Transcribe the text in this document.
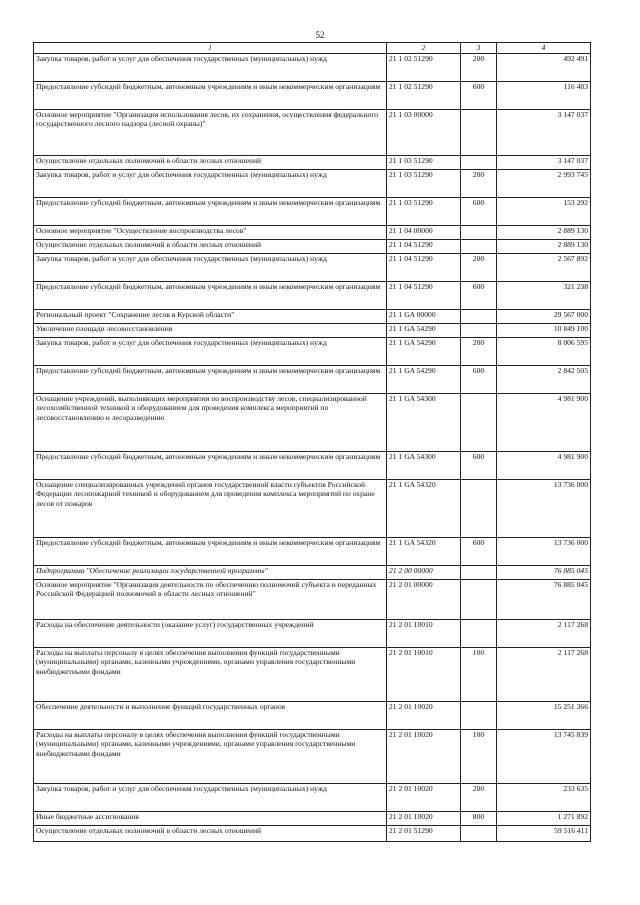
52
1	2	3	4
Закупка товаров, работ и услуг для обеспечения государственных (муниципальных) нужд	21 1 02 51290	200	492 491
Предоставление субсидий бюджетным, автономным учреждениям и иным некоммерческим организациям	21 1 02 51290	600	116 483
Основное мероприятие "Организация использования лесов, их сохранения, осуществления федерального государственного лесного надзора (лесной охраны)"	21 1 03 00000		3 147 037
Осуществление отдельных полномочий в области лесных отношений	21 1 03 51290		3 147 037
Закупка товаров, работ и услуг для обеспечения государственных (муниципальных) нужд	21 1 03 51290	200	2 993 745
Предоставление субсидий бюджетным, автономным учреждениям и иным некоммерческим организациям	21 1 03 51290	600	153 292
Основное мероприятие "Осуществление воспроизводства лесов"	21 1 04 00000		2 889 130
Осуществление отдельных полномочий в области лесных отношений	21 1 04 51290		2 889 130
Закупка товаров, работ и услуг для обеспечения государственных (муниципальных) нужд	21 1 04 51290	200	2 567 892
Предоставление субсидий бюджетным, автономным учреждениям и иным некоммерческим организациям	21 1 04 51290	600	321 238
Региональный проект "Сохранение лесов в Курской области"	21 1 GA 00000		29 567 000
Увеличение площади лесовосстановления	21 1 GA 54290		10 849 100
Закупка товаров, работ и услуг для обеспечения государственных (муниципальных) нужд	21 1 GA 54290	200	8 006 595
Предоставление субсидий бюджетным, автономным учреждениям и иным некоммерческим организациям	21 1 GA 54290	600	2 842 505
Оснащение учреждений, выполняющих мероприятия по воспроизводству лесов, специализированной лесохозяйственной техникой и оборудованием для проведения комплекса мероприятий по лесовосстановлению и лесоразведению	21 1 GA 54300		4 981 900
Предоставление субсидий бюджетным, автономным учреждениям и иным некоммерческим организациям	21 1 GA 54300	600	4 981 900
Оснащение специализированных учреждений органов государственной власти субъектов Российской Федерации лесопожарной техникой и оборудованием для проведения комплекса мероприятий по охране лесов от пожаров	21 1 GA 54320		13 736 000
Предоставление субсидий бюджетным, автономным учреждениям и иным некоммерческим организациям	21 1 GA 54320	600	13 736 000
Подпрограмма "Обеспечение реализации государственной программы"	21 2 00 00000		76 885 045
Основное мероприятие "Организация деятельности по обеспечению полномочий субъекта и переданных Российской Федерацией полномочий в области лесных отношений"	21 2 01 00000		76 885 045
Расходы на обеспечение деятельности (оказание услуг) государственных учреждений	21 2 01 10010		2 117 268
Расходы на выплаты персоналу в целях обеспечения выполнения функций государственными (муниципальными) органами, казенными учреждениями, органами управления государственными внебюджетными фондами	21 2 01 10010	100	2 117 268
Обеспечение деятельности и выполнение функций государственных органов	21 2 01 10020		15 251 366
Расходы на выплаты персоналу в целях обеспечения выполнения функций государственными (муниципальными) органами, казенными учреждениями, органами управления государственными внебюджетными фондами	21 2 01 10020	100	13 745 839
Закупка товаров, работ и услуг для обеспечения государственных (муниципальных) нужд	21 2 01 10020	200	233 635
Иные бюджетные ассигнования	21 2 01 10020	800	1 271 892
Осуществление отдельных полномочий в области лесных отношений	21 2 01 51290		59 516 411
